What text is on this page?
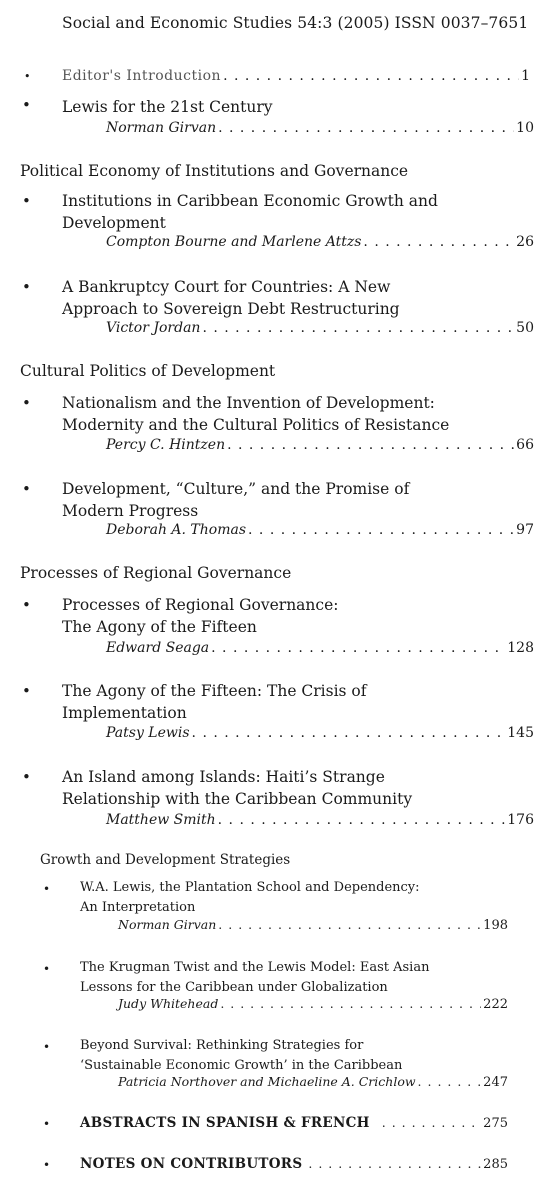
Social and Economic Studies 54:3 (2005) ISSN 0037–7651
• Editor's Introduction . . .	1
• Lewis for the 21st Century
Norman Girvan . . .	10
Political Economy of Institutions and Governance
• Institutions in Caribbean Economic Growth and
Development
Compton Bourne and Marlene Attzs . . .	26
• A Bankruptcy Court for Countries: A New
Approach to Sovereign Debt Restructuring
Victor Jordan . . .	50
Cultural Politics of Development
• Nationalism and the Invention of Development:
Modernity and the Cultural Politics of Resistance
Percy C. Hintzen . . .	66
• Development, “Culture,” and the Promise of
Modern Progress
Deborah A. Thomas . . .	97
Processes of Regional Governance
• Processes of Regional Governance:
The Agony of the Fifteen
Edward Seaga . . .	128
• The Agony of the Fifteen: The Crisis of
Implementation
Patsy Lewis . . .	145
• An Island among Islands: Haiti’s Strange
Relationship with the Caribbean Community
Matthew Smith . . .	176
Growth and Development Strategies
• W.A. Lewis, the Plantation School and Dependency:
An Interpretation
Norman Girvan . . .	198
• The Krugman Twist and the Lewis Model: East Asian
Lessons for the Caribbean under Globalization
Judy Whitehead . . .	222
• Beyond Survival: Rethinking Strategies for
‘Sustainable Economic Growth’ in the Caribbean
Patricia Northover and Michaeline A. Crichlow . . .	247
• ABSTRACTS IN SPANISH & FRENCH . . .	275
• NOTES ON CONTRIBUTORS . . .	285
